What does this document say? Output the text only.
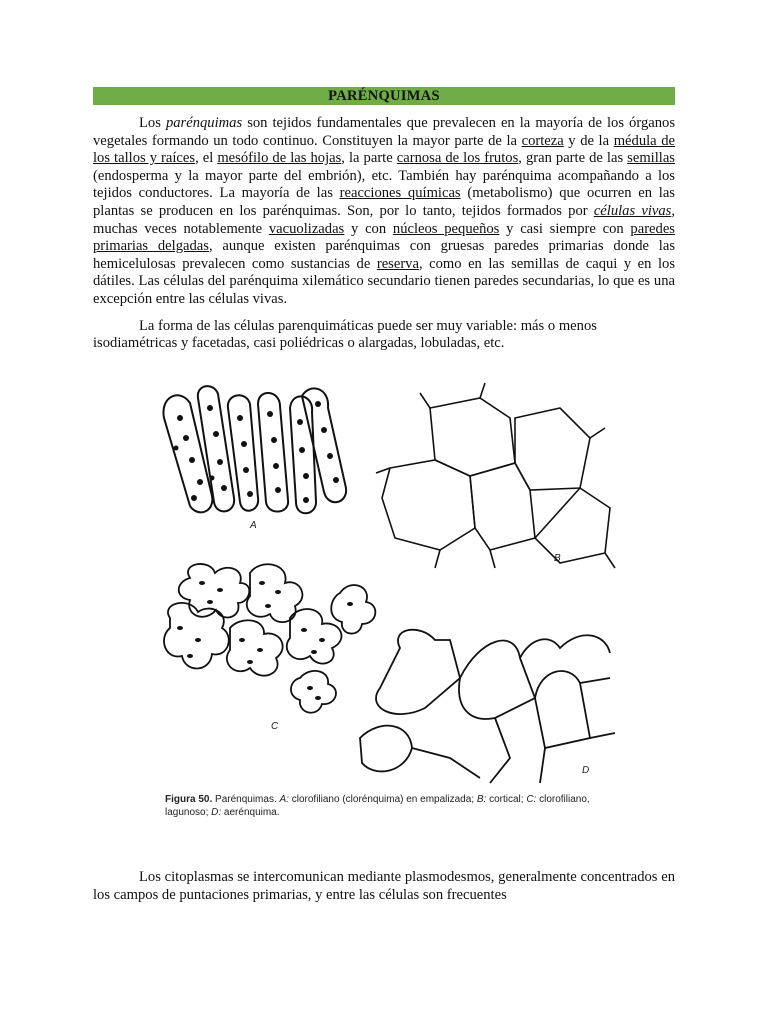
PARÉNQUIMAS

Los parénquimas son tejidos fundamentales que prevalecen en la mayoría de los órganos vegetales formando un todo continuo. Constituyen la mayor parte de la corteza y de la médula de los tallos y raíces, el mesófilo de las hojas, la parte carnosa de los frutos, gran parte de las semillas (endosperma y la mayor parte del embrión), etc. También hay parénquima acompañando a los tejidos conductores. La mayoría de las reacciones químicas (metabolismo) que ocurren en las plantas se producen en los parénquimas. Son, por lo tanto, tejidos formados por células vivas, muchas veces notablemente vacuolizadas y con núcleos pequeños y casi siempre con paredes primarias delgadas, aunque existen parénquimas con gruesas paredes primarias donde las hemicelulosas prevalecen como sustancias de reserva, como en las semillas de caqui y en los dátiles. Las células del parénquima xilemático secundario tienen paredes secundarias, lo que es una excepción entre las células vivas.

La forma de las células parenquimáticas puede ser muy variable: más o menos isodiamétricas y facetadas, casi poliédricas o alargadas, lobuladas, etc.

A
B
C
D
Figura 50. Parénquimas. A: clorofiliano (clorénquima) en empalizada; B: cortical; C: clorofiliano, lagunoso; D: aerénquima.

Los citoplasmas se intercomunican mediante plasmodesmos, generalmente concentrados en los campos de puntaciones primarias, y entre las células son frecuentes
